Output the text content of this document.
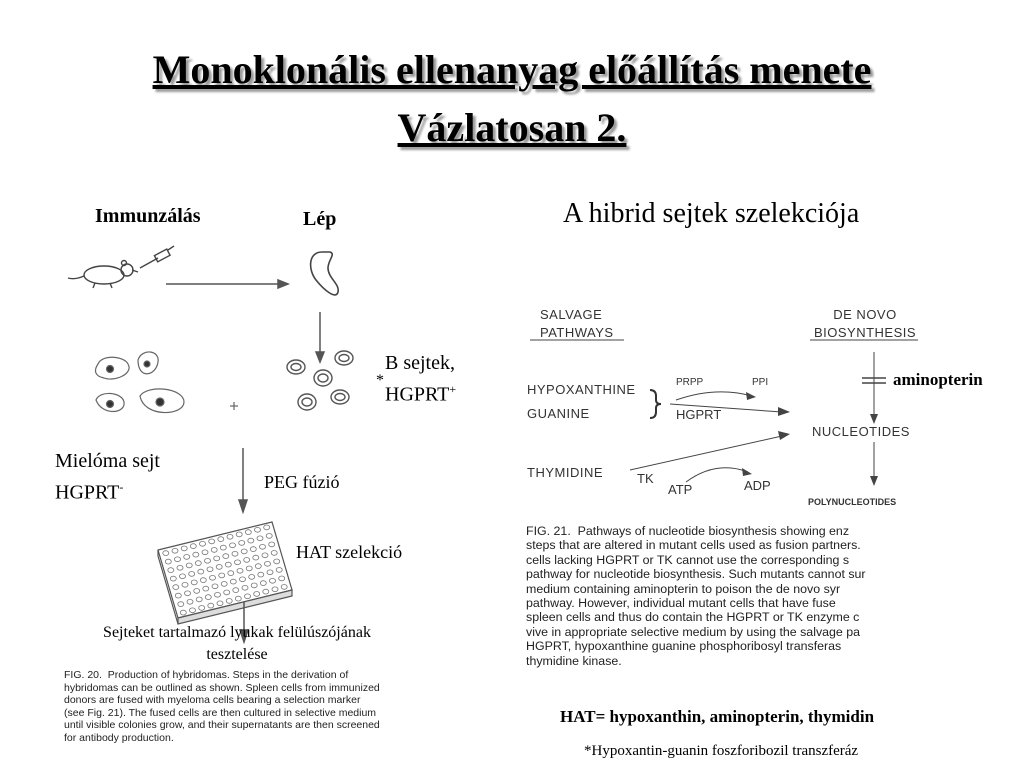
Monoklonális ellenanyag előállítás menete
Vázlatosan 2.
Immunzálás	Lép
B sejtek,
*
HGPRT+
Mielóma sejt
HGPRT-	PEG fúzió
HAT szelekció
Sejteket tartalmazó lyukak felülúszójának
tesztelése
FIG. 20.  Production of hybridomas. Steps in the derivation of
hybridomas can be outlined as shown. Spleen cells from immunized
donors are fused with myeloma cells bearing a selection marker
(see Fig. 21). The fused cells are then cultured in selective medium
until visible colonies grow, and their supernatants are then screened
for antibody production.
A hibrid sejtek szelekciója
SALVAGE
PATHWAYS
DE NOVO
BIOSYNTHESIS
HYPOXANTHINE
GUANINE
PRPP	PPI
HGPRT
NUCLEOTIDES
THYMIDINE	TK
ATP	ADP
POLYNUCLEOTIDES
aminopterin
FIG. 21.  Pathways of nucleotide biosynthesis showing enz
steps that are altered in mutant cells used as fusion partners.
cells lacking HGPRT or TK cannot use the corresponding s
pathway for nucleotide biosynthesis. Such mutants cannot sur
medium containing aminopterin to poison the de novo syr
pathway. However, individual mutant cells that have fuse
spleen cells and thus do contain the HGPRT or TK enzyme c
vive in appropriate selective medium by using the salvage pa
HGPRT, hypoxanthine guanine phosphoribosyl transferas
thymidine kinase.
HAT= hypoxanthin, aminopterin, thymidin
*Hypoxantin-guanin foszforibozil transzferáz
